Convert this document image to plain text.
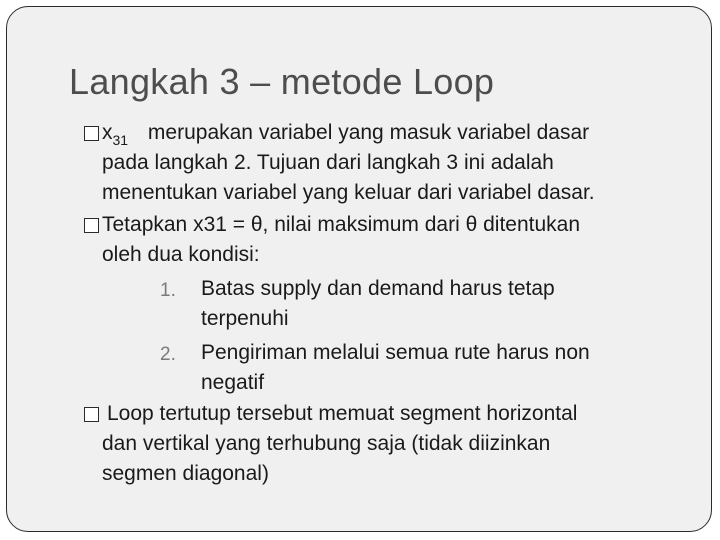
Langkah 3 – metode Loop
$x_{31}$ merupakan variabel yang masuk variabel dasar
pada langkah 2. Tujuan dari langkah 3 ini adalah
menentukan variabel yang keluar dari variabel dasar.
Tetapkan x31 = θ, nilai maksimum dari θ ditentukan
oleh dua kondisi:
1. Batas supply dan demand harus tetap
terpenuhi
2. Pengiriman melalui semua rute harus non
negatif
Loop tertutup tersebut memuat segment horizontal
dan vertikal yang terhubung saja (tidak diizinkan
segmen diagonal)
